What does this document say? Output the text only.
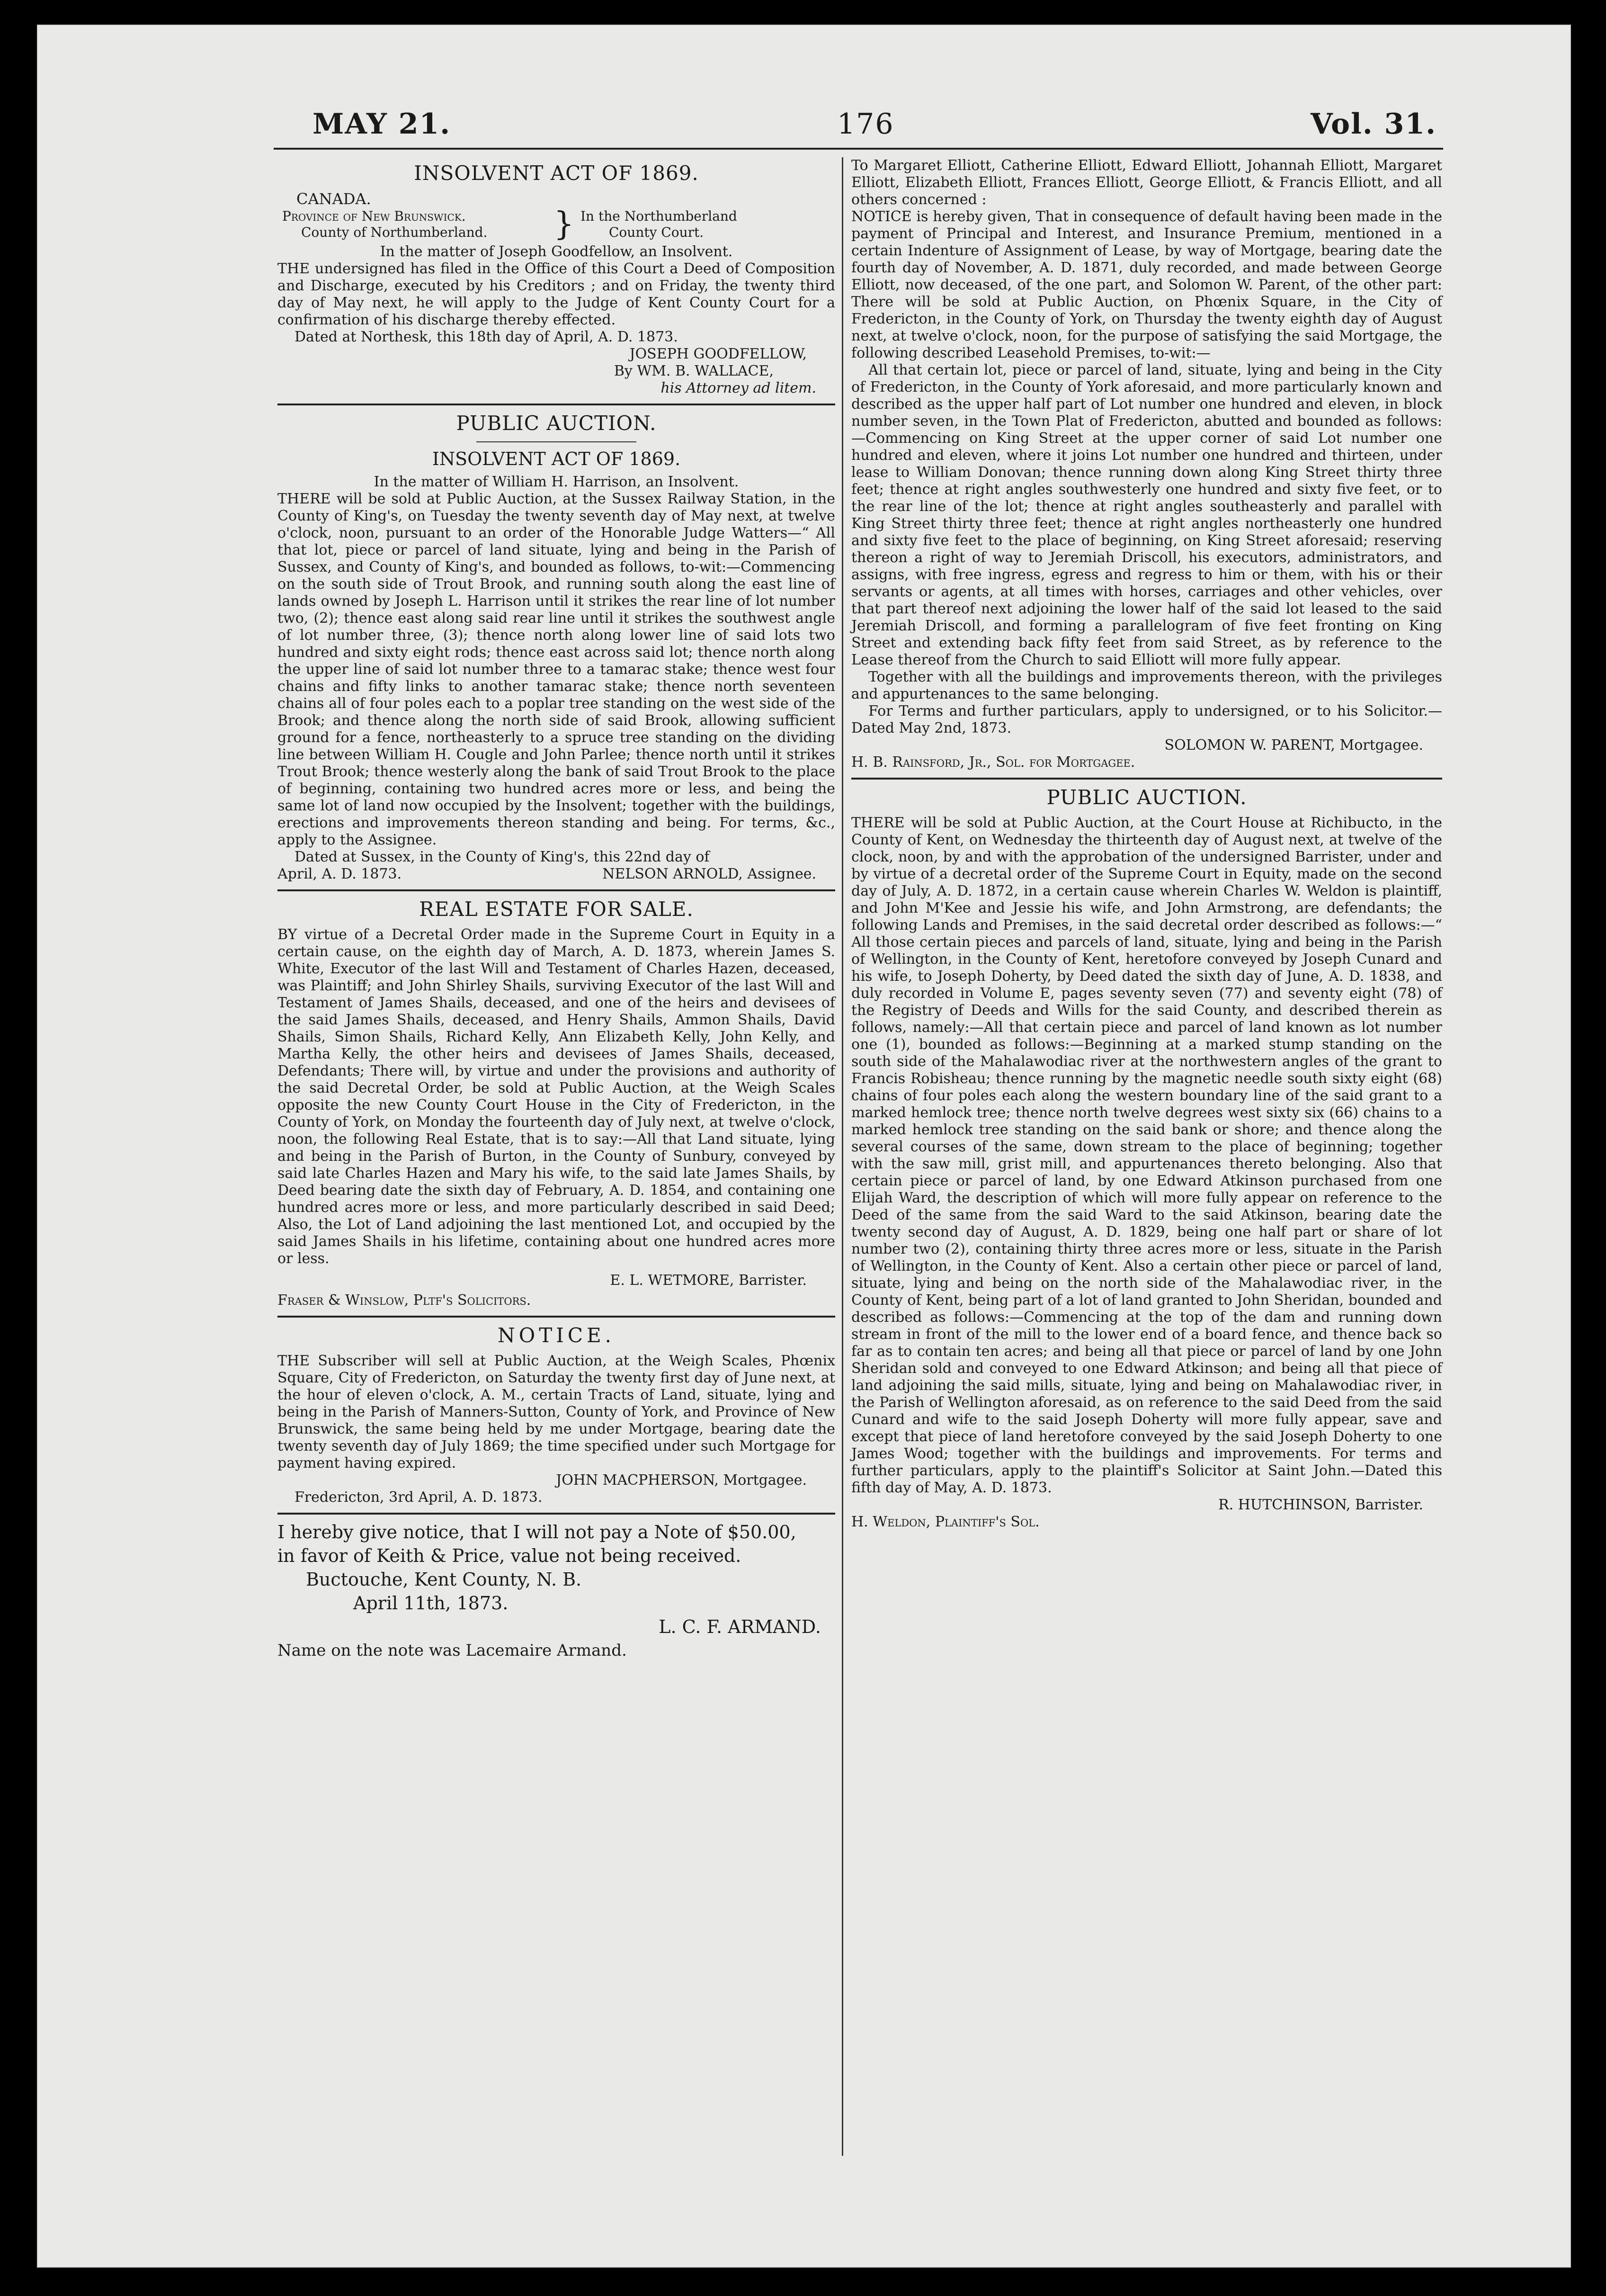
MAY 21.	176	Vol. 31.
INSOLVENT ACT OF 1869.
CANADA.
Province of New Brunswick.
County of Northumberland.	} In the Northumberland
County Court.

In the matter of Joseph Goodfellow, an Insolvent.

THE undersigned has filed in the Office of this Court a Deed of Composition and Discharge, executed by his Creditors ; and on Friday, the twenty third day of May next, he will apply to the Judge of Kent County Court for a confirmation of his discharge thereby effected.

Dated at Northesk, this 18th day of April, A. D. 1873.

JOSEPH GOODFELLOW,

By WM. B. WALLACE,

his Attorney ad litem.

PUBLIC AUCTION.
INSOLVENT ACT OF 1869.

In the matter of William H. Harrison, an Insolvent.

THERE will be sold at Public Auction, at the Sussex Railway Station, in the County of King's, on Tuesday the twenty seventh day of May next, at twelve o'clock, noon, pursuant to an order of the Honorable Judge Watters—“ All that lot, piece or parcel of land situate, lying and being in the Parish of Sussex, and County of King's, and bounded as follows, to-wit:—Commencing on the south side of Trout Brook, and running south along the east line of lands owned by Joseph L. Harrison until it strikes the rear line of lot number two, (2); thence east along said rear line until it strikes the southwest angle of lot number three, (3); thence north along lower line of said lots two hundred and sixty eight rods; thence east across said lot; thence north along the upper line of said lot number three to a tamarac stake; thence west four chains and fifty links to another tamarac stake; thence north seventeen chains all of four poles each to a poplar tree standing on the west side of the Brook; and thence along the north side of said Brook, allowing sufficient ground for a fence, northeasterly to a spruce tree standing on the dividing line between William H. Cougle and John Parlee; thence north until it strikes Trout Brook; thence westerly along the bank of said Trout Brook to the place of beginning, containing two hundred acres more or less, and being the same lot of land now occupied by the Insolvent; together with the buildings, erections and improvements thereon standing and being. For terms, &c., apply to the Assignee.

Dated at Sussex, in the County of King's, this 22nd day of

April, A. D. 1873.	NELSON ARNOLD, Assignee.
REAL ESTATE FOR SALE.

BY virtue of a Decretal Order made in the Supreme Court in Equity in a certain cause, on the eighth day of March, A. D. 1873, wherein James S. White, Executor of the last Will and Testament of Charles Hazen, deceased, was Plaintiff; and John Shirley Shails, surviving Executor of the last Will and Testament of James Shails, deceased, and one of the heirs and devisees of the said James Shails, deceased, and Henry Shails, Ammon Shails, David Shails, Simon Shails, Richard Kelly, Ann Elizabeth Kelly, John Kelly, and Martha Kelly, the other heirs and devisees of James Shails, deceased, Defendants; There will, by virtue and under the provisions and authority of the said Decretal Order, be sold at Public Auction, at the Weigh Scales opposite the new County Court House in the City of Fredericton, in the County of York, on Monday the fourteenth day of July next, at twelve o'clock, noon, the following Real Estate, that is to say:—All that Land situate, lying and being in the Parish of Burton, in the County of Sunbury, conveyed by said late Charles Hazen and Mary his wife, to the said late James Shails, by Deed bearing date the sixth day of February, A. D. 1854, and containing one hundred acres more or less, and more particularly described in said Deed; Also, the Lot of Land adjoining the last mentioned Lot, and occupied by the said James Shails in his lifetime, containing about one hundred acres more or less.

E. L. WETMORE, Barrister.

Fraser & Winslow, Pltf's Solicitors.

NOTICE.

THE Subscriber will sell at Public Auction, at the Weigh Scales, Phœnix Square, City of Fredericton, on Saturday the twenty first day of June next, at the hour of eleven o'clock, A. M., certain Tracts of Land, situate, lying and being in the Parish of Manners-Sutton, County of York, and Province of New Brunswick, the same being held by me under Mortgage, bearing date the twenty seventh day of July 1869; the time specified under such Mortgage for payment having expired.

JOHN MACPHERSON, Mortgagee.

Fredericton, 3rd April, A. D. 1873.

I hereby give notice, that I will not pay a Note of $50.00,

in favor of Keith & Price, value not being received.

Buctouche, Kent County, N. B.

April 11th, 1873.

L. C. F. ARMAND.

Name on the note was Lacemaire Armand.

To Margaret Elliott, Catherine Elliott, Edward Elliott, Johannah Elliott, Margaret Elliott, Elizabeth Elliott, Frances Elliott, George Elliott, & Francis Elliott, and all others concerned :

NOTICE is hereby given, That in consequence of default having been made in the payment of Principal and Interest, and Insurance Premium, mentioned in a certain Indenture of Assignment of Lease, by way of Mortgage, bearing date the fourth day of November, A. D. 1871, duly recorded, and made between George Elliott, now deceased, of the one part, and Solomon W. Parent, of the other part: There will be sold at Public Auction, on Phœnix Square, in the City of Fredericton, in the County of York, on Thursday the twenty eighth day of August next, at twelve o'clock, noon, for the purpose of satisfying the said Mortgage, the following described Leasehold Premises, to-wit:—

All that certain lot, piece or parcel of land, situate, lying and being in the City of Fredericton, in the County of York aforesaid, and more particularly known and described as the upper half part of Lot number one hundred and eleven, in block number seven, in the Town Plat of Fredericton, abutted and bounded as follows:—Commencing on King Street at the upper corner of said Lot number one hundred and eleven, where it joins Lot number one hundred and thirteen, under lease to William Donovan; thence running down along King Street thirty three feet; thence at right angles southwesterly one hundred and sixty five feet, or to the rear line of the lot; thence at right angles southeasterly and parallel with King Street thirty three feet; thence at right angles northeasterly one hundred and sixty five feet to the place of beginning, on King Street aforesaid; reserving thereon a right of way to Jeremiah Driscoll, his executors, administrators, and assigns, with free ingress, egress and regress to him or them, with his or their servants or agents, at all times with horses, carriages and other vehicles, over that part thereof next adjoining the lower half of the said lot leased to the said Jeremiah Driscoll, and forming a parallelogram of five feet fronting on King Street and extending back fifty feet from said Street, as by reference to the Lease thereof from the Church to said Elliott will more fully appear.

Together with all the buildings and improvements thereon, with the privileges and appurtenances to the same belonging.

For Terms and further particulars, apply to undersigned, or to his Solicitor.—Dated May 2nd, 1873.

SOLOMON W. PARENT, Mortgagee.

H. B. Rainsford, Jr., Sol. for Mortgagee.

PUBLIC AUCTION.

THERE will be sold at Public Auction, at the Court House at Richibucto, in the County of Kent, on Wednesday the thirteenth day of August next, at twelve of the clock, noon, by and with the approbation of the undersigned Barrister, under and by virtue of a decretal order of the Supreme Court in Equity, made on the second day of July, A. D. 1872, in a certain cause wherein Charles W. Weldon is plaintiff, and John M'Kee and Jessie his wife, and John Armstrong, are defendants; the following Lands and Premises, in the said decretal order described as follows:—“ All those certain pieces and parcels of land, situate, lying and being in the Parish of Wellington, in the County of Kent, heretofore conveyed by Joseph Cunard and his wife, to Joseph Doherty, by Deed dated the sixth day of June, A. D. 1838, and duly recorded in Volume E, pages seventy seven (77) and seventy eight (78) of the Registry of Deeds and Wills for the said County, and described therein as follows, namely:—All that certain piece and parcel of land known as lot number one (1), bounded as follows:—Beginning at a marked stump standing on the south side of the Mahalawodiac river at the northwestern angles of the grant to Francis Robisheau; thence running by the magnetic needle south sixty eight (68) chains of four poles each along the western boundary line of the said grant to a marked hemlock tree; thence north twelve degrees west sixty six (66) chains to a marked hemlock tree standing on the said bank or shore; and thence along the several courses of the same, down stream to the place of beginning; together with the saw mill, grist mill, and appurtenances thereto belonging. Also that certain piece or parcel of land, by one Edward Atkinson purchased from one Elijah Ward, the description of which will more fully appear on reference to the Deed of the same from the said Ward to the said Atkinson, bearing date the twenty second day of August, A. D. 1829, being one half part or share of lot number two (2), containing thirty three acres more or less, situate in the Parish of Wellington, in the County of Kent. Also a certain other piece or parcel of land, situate, lying and being on the north side of the Mahalawodiac river, in the County of Kent, being part of a lot of land granted to John Sheridan, bounded and described as follows:—Commencing at the top of the dam and running down stream in front of the mill to the lower end of a board fence, and thence back so far as to contain ten acres; and being all that piece or parcel of land by one John Sheridan sold and conveyed to one Edward Atkinson; and being all that piece of land adjoining the said mills, situate, lying and being on Mahalawodiac river, in the Parish of Wellington aforesaid, as on reference to the said Deed from the said Cunard and wife to the said Joseph Doherty will more fully appear, save and except that piece of land heretofore conveyed by the said Joseph Doherty to one James Wood; together with the buildings and improvements. For terms and further particulars, apply to the plaintiff's Solicitor at Saint John.—Dated this fifth day of May, A. D. 1873.

R. HUTCHINSON, Barrister.

H. Weldon, Plaintiff's Sol.
